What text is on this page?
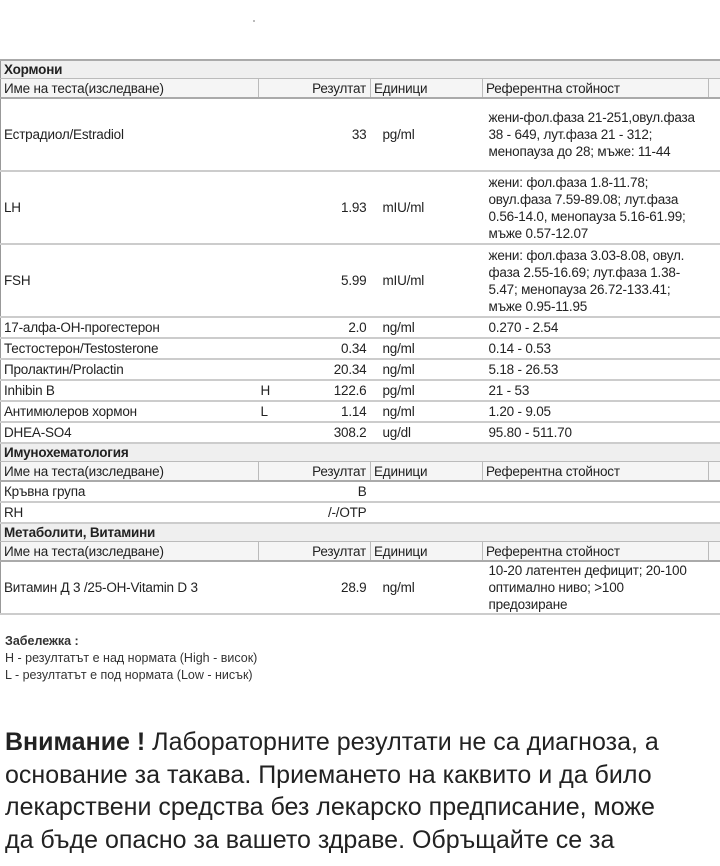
Хормони					
Име на теста(изследване)	Резултат		Единици	Референтна стойност	
Естрадиол/Estradiol		33	pg/ml	жени-фол.фаза 21-251,овул.фаза 38 - 649, лут.фаза 21 - 312; менопауза до 28; мъже: 11-44	
LH		1.93	mIU/ml	жени: фол.фаза 1.8-11.78; овул.фаза 7.59-89.08; лут.фаза 0.56-14.0, менопауза 5.16-61.99; мъже 0.57-12.07	
FSH		5.99	mIU/ml	жени: фол.фаза 3.03-8.08, овул. фаза 2.55-16.69; лут.фаза 1.38-5.47; менопауза 26.72-133.41; мъже 0.95-11.95	
17-алфа-ОН-прогестерон		2.0	ng/ml	0.270 - 2.54	
Тестостерон/Testosterone		0.34	ng/ml	0.14 - 0.53	
Пролактин/Prolactin		20.34	ng/ml	5.18 - 26.53	
Inhibin B	H	122.6	pg/ml	21 - 53	
Антимюлеров хормон	L	1.14	ng/ml	1.20 - 9.05	
DHEA-SO4		308.2	ug/dl	95.80 - 511.70	
Имунохематология					
Име на теста(изследване)	Резултат		Единици	Референтна стойност	
Кръвна група		B			
RH		/-/ОТР			
Метаболити, Витамини					
Име на теста(изследване)	Резултат		Единици	Референтна стойност	
Витамин Д 3 /25-OH-Vitamin D 3		28.9	ng/ml	10-20 латентен дефицит; 20-100 оптимално ниво; >100 предозиране	
Забележка :
H - резултатът е над нормата (High - висок)
L - резултатът е под нормата (Low - нисък)
Внимание ! Лабораторните резултати не са диагноза, а
основание за такава. Приемането на каквито и да било
лекарствени средства без лекарско предписание, може
да бъде опасно за вашето здраве. Обръщайте се за
